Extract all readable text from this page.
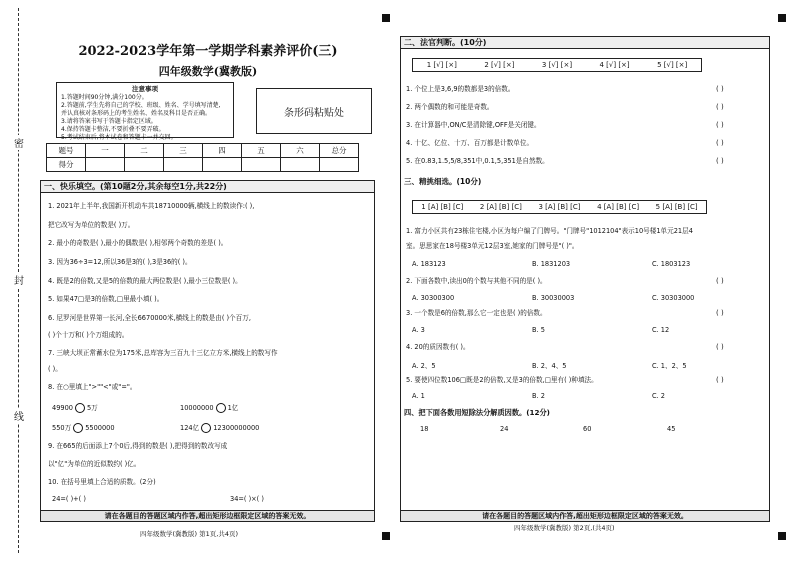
密
封
线
2022-2023学年第一学期学科素养评价(三)
四年级数学(冀教版)
注意事项
1.答题时间90分钟,满分100分。
2.答题前,学生先将自己的学校、班级、姓名、学号填写清楚,
并认真核对条形码上的考生姓名、姓名及科目是否正确。
3.请将答案书写于答题卡指定区域。
4.保持答题卡整洁,不要折叠不要弄破。
5.考试结束后,将本试卷和答题卡一并交回。
条形码粘贴处
题号	一	二	三	四	五	六	总分
得分							
一、快乐填空。(第10题2分,其余每空1分,共22分)
1. 2021年上半年,我国新开机动车共18710000辆,横线上的数读作:( ),
把它改写为单位的数是( )万。
2. 最小的奇数是( ),最小的偶数是( ),相邻两个奇数的差是( )。
3. 因为36÷3=12,所以36是3的( ),3是36的( )。
4. 既是2的倍数,又是5的倍数的最大两位数是( ),最小三位数是( )。
5. 如果47□是3的倍数,□里最小填( )。
6. 尼罗河是世界第一长河,全长6670000米,横线上的数是由( )个百万,
( )个十万和( )个万组成的。
7. 三峡大坝正常蓄水位为175米,总库容为三百九十三亿立方米,横线上的数写作
( )。
8. 在○里填上">""<"或"="。
49900 5万	10000000 1亿
550万 5500000	124亿 12300000000
9. 在665的后面添上7个0后,得到的数是( ),把得到的数改写成
以"亿"为单位的近似数约( )亿。
10. 在括号里填上合适的质数。(2分)
24=( )+( )	34=( )×( )
请在各题目的答题区域内作答,超出矩形边框限定区域的答案无效。
四年级数学(冀教版) 第1页,共4页)
二、法官判断。(10分)
1 [√] [×]	2 [√] [×]	3 [√] [×]	4 [√] [×]	5 [√] [×]
1. 个位上是3,6,9的数都是3的倍数。	( )
2. 两个偶数的和可能是奇数。	( )
3. 在计算器中,ON/C是清除键,OFF是关闭键。	( )
4. 十亿、亿位、十万、百万都是计数单位。	( )
5. 在0.83,1.5,5/8,351中,0.1,5,351是自然数。	( )
三、精挑细选。(10分)
1 [A] [B] [C] 2 [A] [B] [C] 3 [A] [B] [C] 4 [A] [B] [C] 5 [A] [B] [C]
1. 富力小区共有23栋住宅楼,小区为每户编了门牌号。"门牌号"1012104"表示10号楼1单元21层4
室。思思家在18号楼3单元12层3室,她家的门牌号是"( )"。
A. 183123	B. 1831203	C. 1803123
2. 下面各数中,读出0的个数与其他不同的是( )。	( )
A. 30300300	B. 30030003	C. 30303000
3. 一个数是6的倍数,那么它一定也是( )的倍数。	( )
A. 3	B. 5	C. 12
4. 20的质因数有( )。	( )
A. 2、5	B. 2、4、5	C. 1、2、5
5. 要使四位数106□既是2的倍数,又是3的倍数,□里有( )种填法。	( )
A. 1	B. 2	C. 2
四、把下面各数用短除法分解质因数。(12分)
18	24	60	45
请在各题目的答题区域内作答,超出矩形边框限定区域的答案无效。
四年级数学(冀教版) 第2页,(共4页)
